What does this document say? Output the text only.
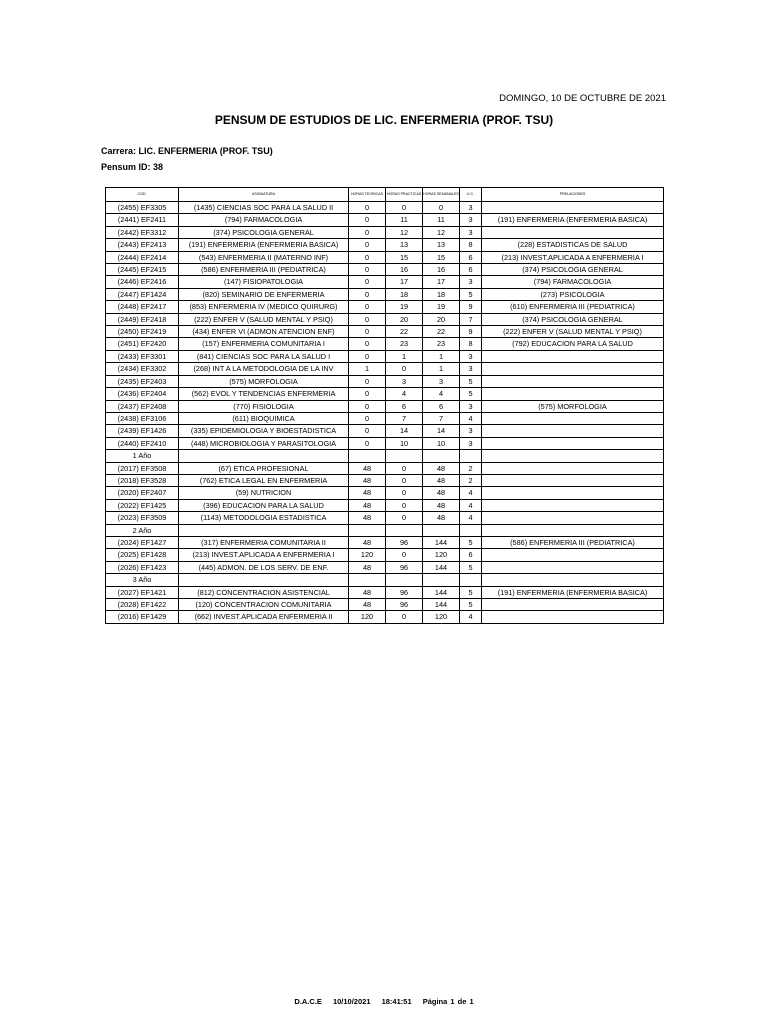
DOMINGO, 10 DE OCTUBRE DE 2021
PENSUM DE ESTUDIOS DE LIC. ENFERMERIA (PROF. TSU)
Carrera: LIC. ENFERMERIA (PROF. TSU)
Pensum ID: 38
COD.	ASIGNATURA	HORAS TEORICAS	HORAS PRACTICAS	HORAS SEMANALES	U.C.	PRELACIONES
(2455) EF3305	(1435) CIENCIAS SOC PARA LA SALUD II	0	0	0	3	
(2441) EF2411	(794) FARMACOLOGIA	0	11	11	3	(191) ENFERMERIA (ENFERMERIA BASICA)
(2442) EF3312	(374) PSICOLOGIA GENERAL	0	12	12	3	
(2443) EF2413	(191) ENFERMERIA (ENFERMERIA BASICA)	0	13	13	8	(228) ESTADISTICAS DE SALUD
(2444) EF2414	(543) ENFERMERIA II (MATERNO INF)	0	15	15	6	(213) INVEST.APLICADA A ENFERMERIA I
(2445) EF2415	(586) ENFERMERIA III (PEDIATRICA)	0	16	16	6	(374) PSICOLOGIA GENERAL
(2446) EF2416	(147) FISIOPATOLOGIA	0	17	17	3	(794) FARMACOLOGIA
(2447) EF1424	(820) SEMINARIO DE ENFERMERIA	0	18	18	5	(273) PSICOLOGIA
(2448) EF2417	(853) ENFERMERIA IV (MEDICO QUIRURG)	0	19	19	9	(610) ENFERMERIA III (PEDIATRICA)
(2449) EF2418	(222) ENFER V (SALUD MENTAL Y PSIQ)	0	20	20	7	(374) PSICOLOGIA GENERAL
(2450) EF2419	(434) ENFER VI (ADMON ATENCION ENF)	0	22	22	9	(222) ENFER V (SALUD MENTAL Y PSIQ)
(2451) EF2420	(157) ENFERMERIA COMUNITARIA I	0	23	23	8	(792) EDUCACION PARA LA SALUD
(2433) EF3301	(841) CIENCIAS SOC PARA LA SALUD I	0	1	1	3	
(2434) EF3302	(268) INT A LA METODOLOGIA DE LA INV	1	0	1	3	
(2435) EF2403	(575) MORFOLOGIA	0	3	3	5	
(2436) EF2404	(562) EVOL Y TENDENCIAS ENFERMERIA	0	4	4	5	
(2437) EF2408	(770) FISIOLOGIA	0	6	6	3	(575) MORFOLOGIA
(2438) EF3106	(611) BIOQUIMICA	0	7	7	4	
(2439) EF1426	(335) EPIDEMIOLOGIA Y BIOESTADISTICA	0	14	14	3	
(2440) EF2410	(448) MICROBIOLOGIA Y PARASITOLOGIA	0	10	10	3	
1 Año						
(2017) EF3508	(67) ETICA PROFESIONAL	48	0	48	2	
(2018) EF3528	(762) ETICA LEGAL EN ENFERMERIA	48	0	48	2	
(2020) EF2407	(59) NUTRICION	48	0	48	4	
(2022) EF1425	(396) EDUCACION PARA LA SALUD	48	0	48	4	
(2023) EF3509	(1143) METODOLOGIA ESTADISTICA	48	0	48	4	
2 Año						
(2024) EF1427	(317) ENFERMERIA COMUNITARIA II	48	96	144	5	(586) ENFERMERIA III (PEDIATRICA)
(2025) EF1428	(213) INVEST.APLICADA A ENFERMERIA I	120	0	120	6	
(2026) EF1423	(445) ADMON. DE LOS SERV. DE ENF.	48	96	144	5	
3 Año						
(2027) EF1421	(812) CONCENTRACION ASISTENCIAL	48	96	144	5	(191) ENFERMERIA (ENFERMERIA BASICA)
(2028) EF1422	(120) CONCENTRACION COMUNITARIA	48	96	144	5	
(2016) EF1429	(662) INVEST.APLICADA ENFERMERIA II	120	0	120	4	
D.A.C.E 10/10/2021 18:41:51 Página 1 de 1
